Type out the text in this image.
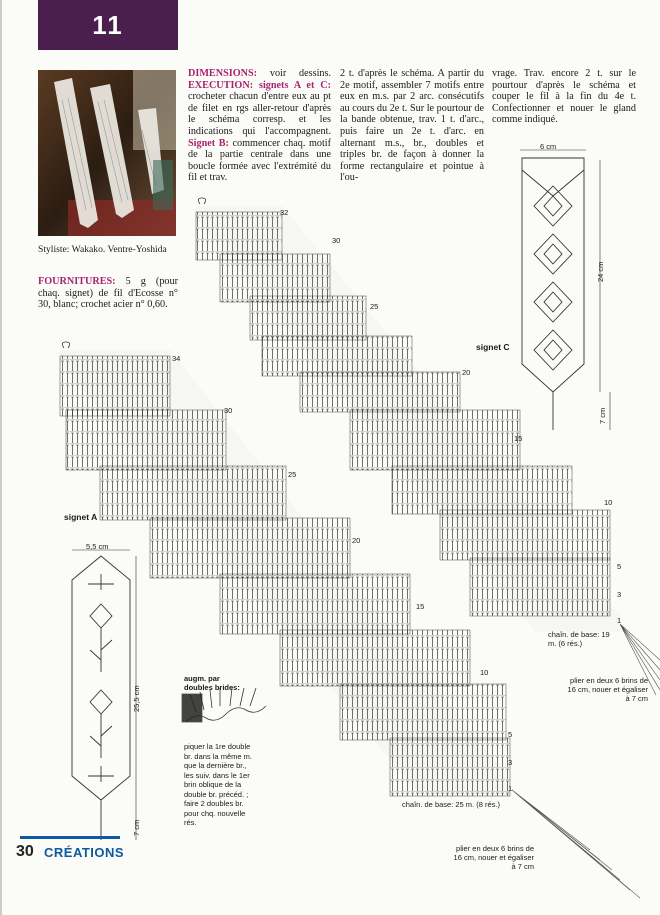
11
Styliste: Wakako. Ventre-Yoshida
FOURNITURES: 5 g (pour chaq. signet) de fil d'Ecosse n° 30, blanc; crochet acier n° 0,60.
DIMENSIONS: voir dessins. EXECUTION: signets A et C: crocheter chacun d'entre eux au pt de filet en rgs aller-retour d'après le schéma corresp. et les indications qui l'accompagnent. Signet B: commencer chaq. motif de la partie centrale dans une boucle formée avec l'extrémité du fil et trav.
2 t. d'après le schéma. A partir du 2e motif, assembler 7 motifs entre eux en m.s. par 2 arc. consécutifs au cours du 2e t. Sur le pourtour de la bande obtenue, trav. 1 t. d'arc., puis faire un 2e t. d'arc. en alternant m.s., br., doubles et triples br. de façon à donner la forme rectangulaire et pointue à l'ou-
vrage. Trav. encore 2 t. sur le pourtour d'après le schéma et couper le fil à la fin du 4e t. Confectionner et nouer le gland comme indiqué.
32
30
25
20
15
10
5
3
1
34
30
25
20
15
10
5
3
1
signet C
signet A
6 cm
24 cm
7 cm
5,5 cm
25,5 cm
7 cm
chaîn. de base: 19 m. (6 rés.)
plier en deux 6 brins de 16 cm, nouer et égaliser à 7 cm
chaîn. de base: 25 m. (8 rés.)
plier en deux 6 brins de 16 cm, nouer et égaliser à 7 cm
augm. par doubles brides:
piquer la 1re double br. dans la même m. que la dernière br., les suiv. dans le 1er brin oblique de la double br. précéd. ; faire 2 doubles br. pour chq. nouvelle rés.
30 CRÉATIONS
